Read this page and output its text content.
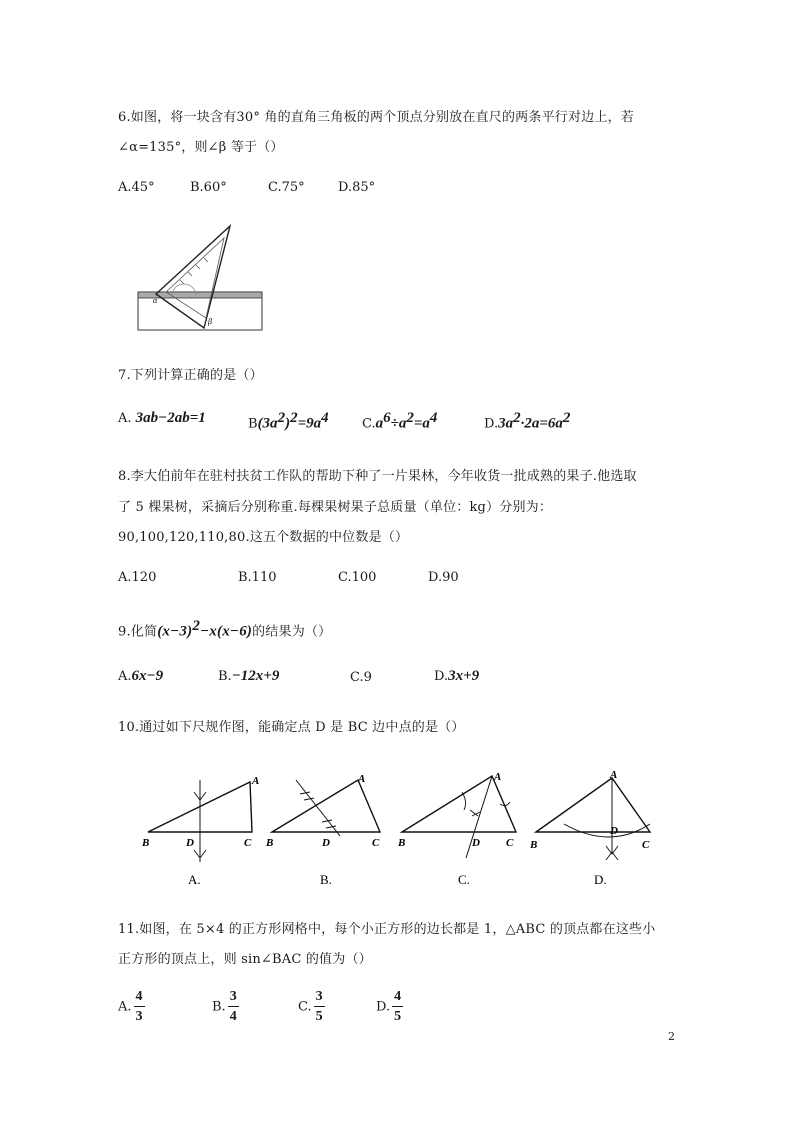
6.如图，将一块含有30° 角的直角三角板的两个顶点分别放在直尺的两条平行对边上，若
∠α=135°，则∠β 等于（）
A.45°	B.60°	C.75°	D.85°
α
β
7.下列计算正确的是（）
A. 3ab−2ab=1	$B(3a^2)^2=9a^4$	$C.a^6\div a^2=a^4$	$D.3a^2\cdot 2a=6a^2$
8.李大伯前年在驻村扶贫工作队的帮助下种了一片果林，今年收货一批成熟的果子.他选取
了 5 棵果树，采摘后分别称重.每棵果树果子总质量（单位：kg）分别为：
90,100,120,110,80.这五个数据的中位数是（）
A.120	B.110	C.100	D.90
9.化简$(x-3)^2-x(x-6)$的结果为（）
A.6x−9	B.−12x+9	C.9	D.3x+9
10.通过如下尺规作图，能确定点 D 是 BC 边中点的是（）
A
B	C
D
A.
A
B	C
D
B.
A
B	C
D
C.
A
B	C
D
D.
11.如图，在 5×4 的正方形网格中，每个小正方形的边长都是 1，△ABC 的顶点都在这些小
正方形的顶点上，则 sin∠BAC 的值为（）
A. $\frac{4}{3}$	B. $\frac{3}{4}$	C. $\frac{3}{5}$	D. $\frac{4}{5}$
2
